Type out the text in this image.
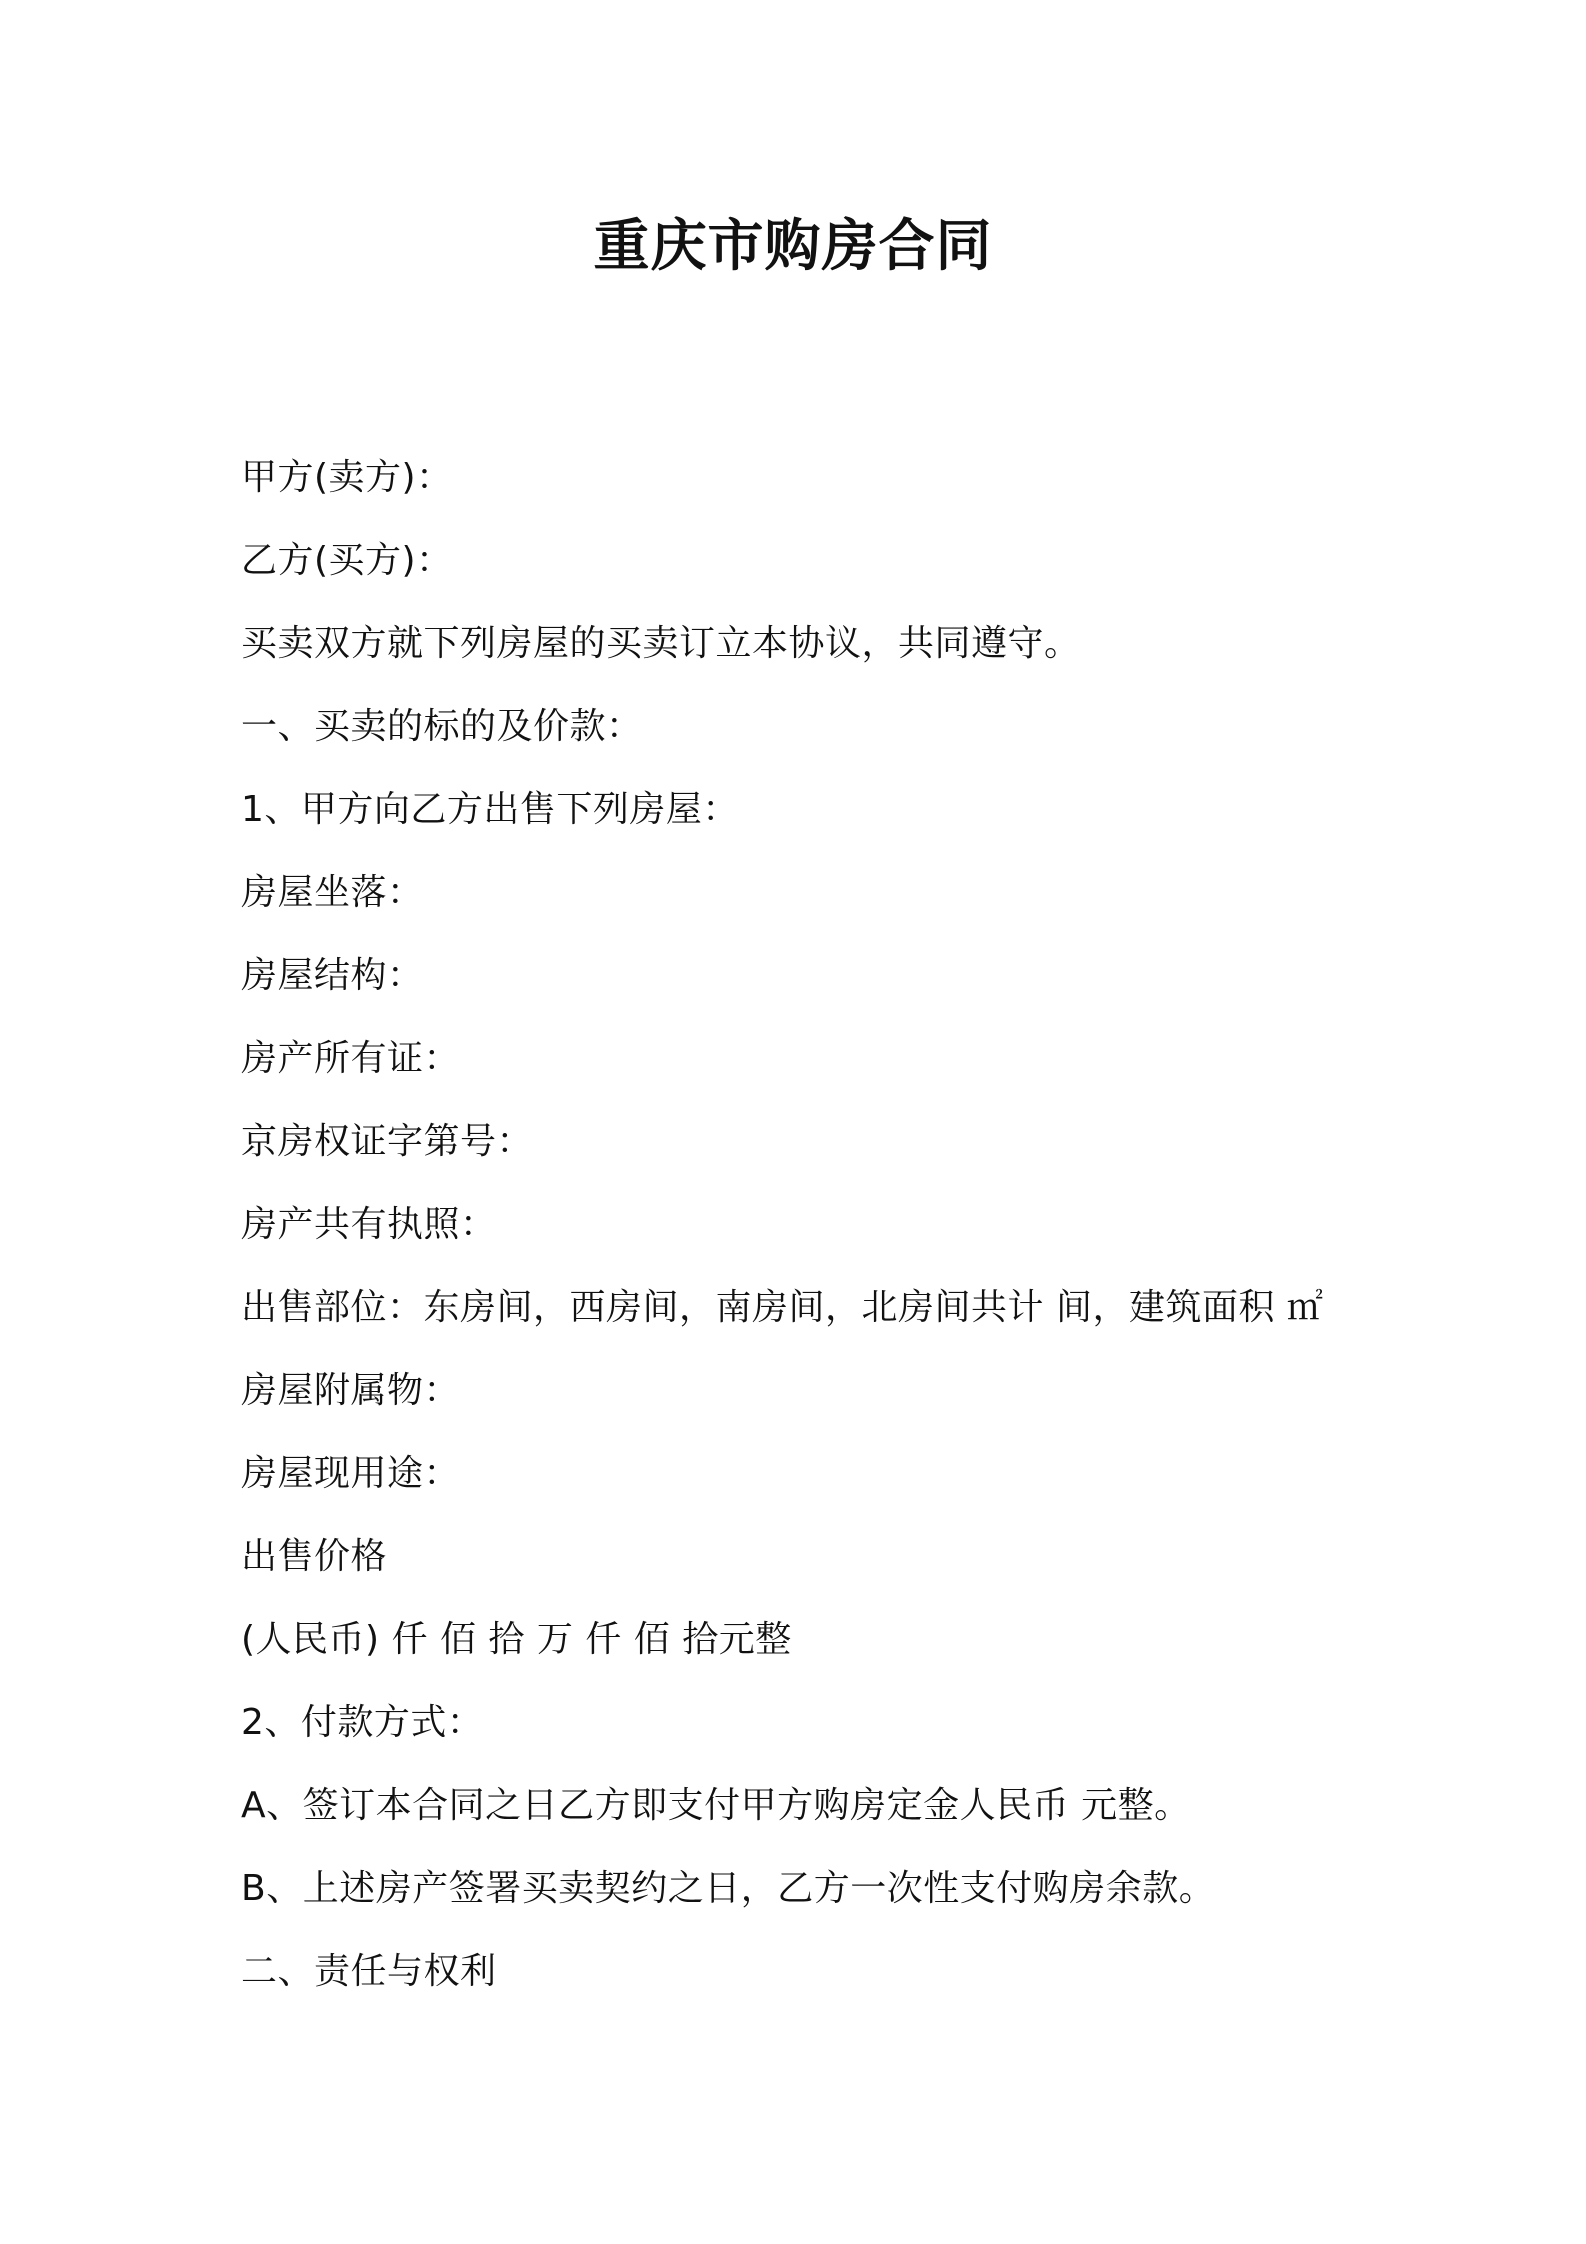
重庆市购房合同
甲方(卖方)：
乙方(买方)：
买卖双方就下列房屋的买卖订立本协议，共同遵守。
一、买卖的标的及价款：
1、甲方向乙方出售下列房屋：
房屋坐落：
房屋结构：
房产所有证：
京房权证字第号：
房产共有执照：
出售部位：东房间，西房间，南房间，北房间共计 间，建筑面积 ㎡
房屋附属物：
房屋现用途：
出售价格
(人民币) 仟 佰 拾 万 仟 佰 拾元整
2、付款方式：
A、签订本合同之日乙方即支付甲方购房定金人民币 元整。
B、上述房产签署买卖契约之日，乙方一次性支付购房余款。
二、责任与权利
